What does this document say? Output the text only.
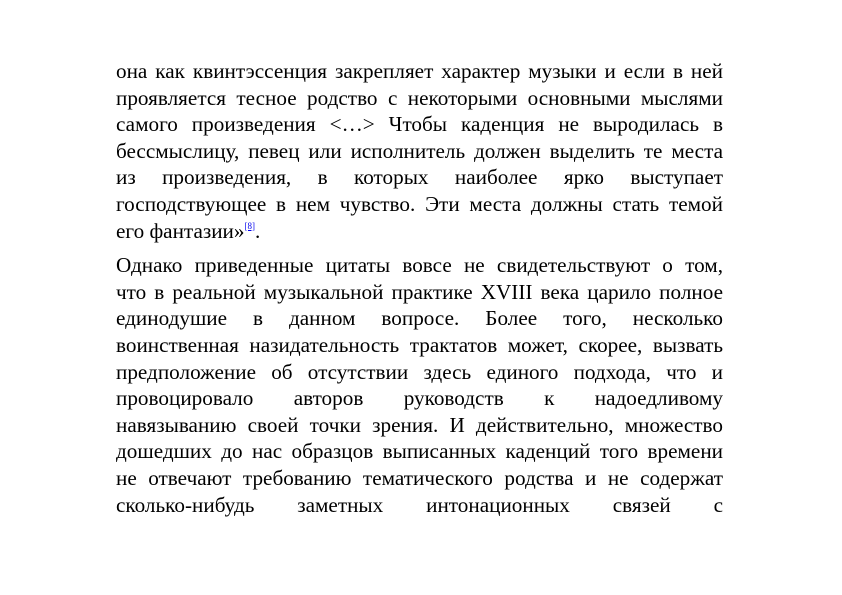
она как квинтэссенция закрепляет характер музыки и если в ней
проявляется тесное родство с некоторыми основными мыслями
самого произведения <…> Чтобы каденция не выродилась в
бессмыслицу, певец или исполнитель должен выделить те места
из произведения, в которых наиболее ярко выступает
господствующее в нем чувство. Эти места должны стать темой
его фантазии»[8].
Однако приведенные цитаты вовсе не свидетельствуют о том,
что в реальной музыкальной практике XVIII века царило полное
единодушие в данном вопросе. Более того, несколько
воинственная назидательность трактатов может, скорее, вызвать
предположение об отсутствии здесь единого подхода, что и
провоцировало авторов руководств к надоедливому
навязыванию своей точки зрения. И действительно, множество
дошедших до нас образцов выписанных каденций того времени
не отвечают требованию тематического родства и не содержат
сколько-нибудь заметных интонационных связей с
